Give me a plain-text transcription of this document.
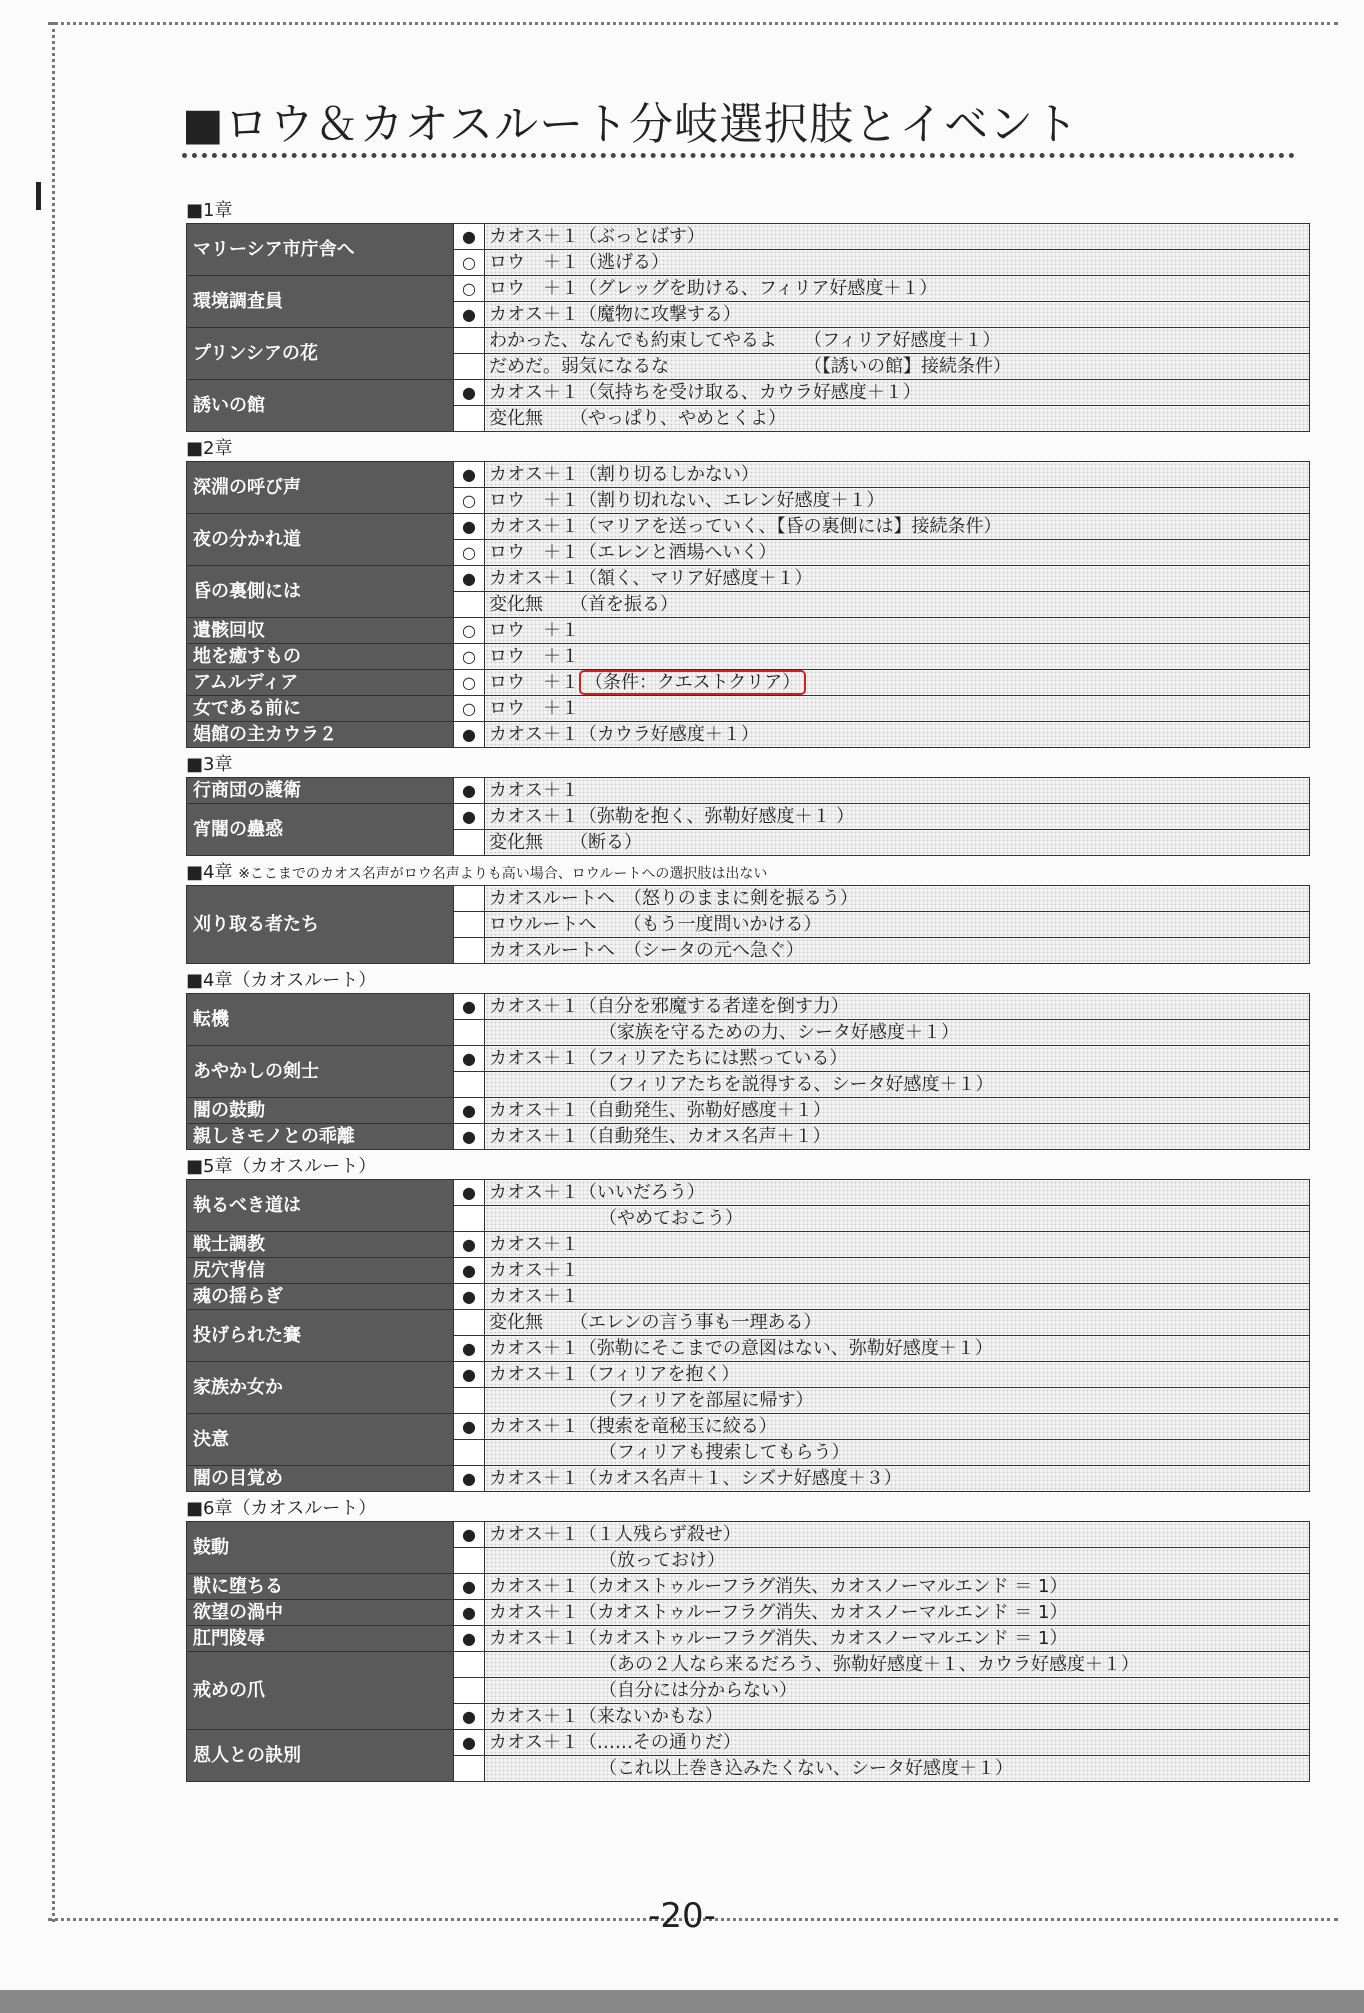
■ロウ＆カオスルート分岐選択肢とイベント
■1章
マリーシア市庁舎へ	●	カオス＋１（ぶっとばす）
	○	ロウ　＋１（逃げる）
環境調査員	○	ロウ　＋１（グレッグを助ける、フィリア好感度＋１）
	●	カオス＋１（魔物に攻撃する）
プリンシアの花		わかった、なんでも約束してやるよ　　（フィリア好感度＋１）
		だめだ。弱気になるな　　　　　　　　（【誘いの館】接続条件）
誘いの館	●	カオス＋１（気持ちを受け取る、カウラ好感度＋１）
		変化無　　（やっぱり、やめとくよ）
■2章
深淵の呼び声	●	カオス＋１（割り切るしかない）
	○	ロウ　＋１（割り切れない、エレン好感度＋１）
夜の分かれ道	●	カオス＋１（マリアを送っていく、【昏の裏側には】接続条件）
	○	ロウ　＋１（エレンと酒場へいく）
昏の裏側には	●	カオス＋１（頷く、マリア好感度＋１）
		変化無　　（首を振る）
遺骸回収	○	ロウ　＋１
地を癒すもの	○	ロウ　＋１
アムルディア	○	ロウ　＋１ （条件：クエストクリア）
女である前に	○	ロウ　＋１
娼館の主カウラ２	●	カオス＋１（カウラ好感度＋１）
■3章
行商団の護衛	●	カオス＋１
宵闇の蠱惑	●	カオス＋１（弥勒を抱く、弥勒好感度＋１ ）
		変化無　　（断る）
■4章 ※ここまでのカオス名声がロウ名声よりも高い場合、ロウルートへの選択肢は出ない
刈り取る者たち		カオスルートへ　（怒りのままに剣を振るう）
		ロウルートへ　　（もう一度問いかける）
		カオスルートへ　（シータの元へ急ぐ）
■4章（カオスルート）
転機	●	カオス＋１（自分を邪魔する者達を倒す力）
		（家族を守るための力、シータ好感度＋１）
あやかしの剣士	●	カオス＋１（フィリアたちには黙っている）
		（フィリアたちを説得する、シータ好感度＋１）
闇の鼓動	●	カオス＋１（自動発生、弥勒好感度＋１）
親しきモノとの乖離	●	カオス＋１（自動発生、カオス名声＋１）
■5章（カオスルート）
執るべき道は	●	カオス＋１（いいだろう）
		（やめておこう）
戦士調教	●	カオス＋１
尻穴背信	●	カオス＋１
魂の揺らぎ	●	カオス＋１
投げられた賽		変化無　　（エレンの言う事も一理ある）
	●	カオス＋１（弥勒にそこまでの意図はない、弥勒好感度＋１）
家族か女か	●	カオス＋１（フィリアを抱く）
		（フィリアを部屋に帰す）
決意	●	カオス＋１（捜索を竜秘玉に絞る）
		（フィリアも捜索してもらう）
闇の目覚め	●	カオス＋１（カオス名声＋１、シズナ好感度＋３）
■6章（カオスルート）
鼓動	●	カオス＋１（１人残らず殺せ）
		（放っておけ）
獣に堕ちる	●	カオス＋１（カオストゥルーフラグ消失、カオスノーマルエンド ＝ 1）
欲望の渦中	●	カオス＋１（カオストゥルーフラグ消失、カオスノーマルエンド ＝ 1）
肛門陵辱	●	カオス＋１（カオストゥルーフラグ消失、カオスノーマルエンド ＝ 1）
戒めの爪		（あの２人なら来るだろう、弥勒好感度＋１、カウラ好感度＋１）
		（自分には分からない）
	●	カオス＋１（来ないかもな）
恩人との訣別	●	カオス＋１（……その通りだ）
		（これ以上巻き込みたくない、シータ好感度＋１）
-20-
